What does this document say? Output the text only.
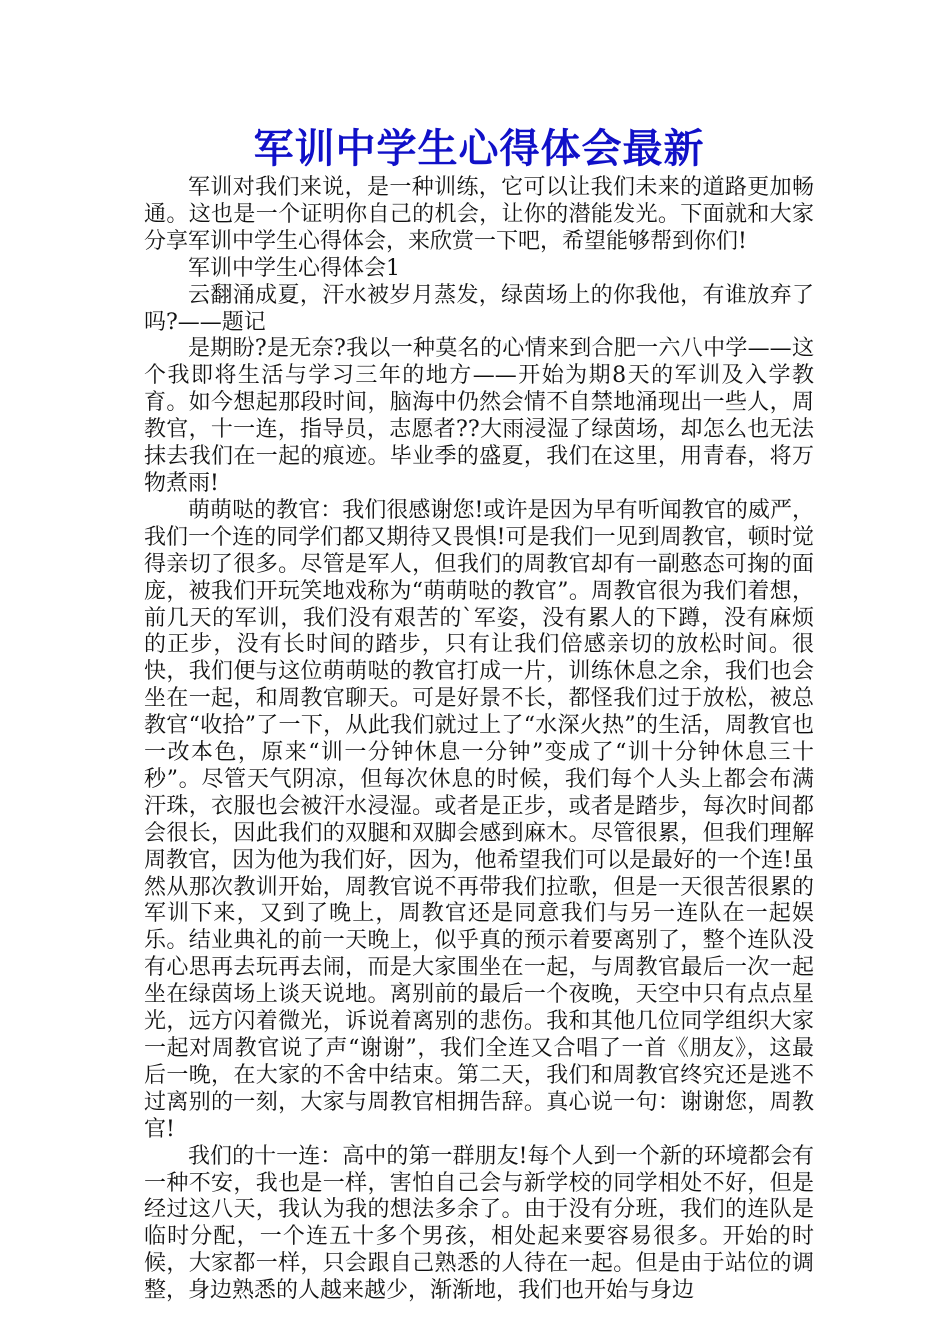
军训中学生心得体会最新

军训对我们来说，是一种训练，它可以让我们未来的道路更加畅通。这也是一个证明你自己的机会，让你的潜能发光。下面就和大家分享军训中学生心得体会，来欣赏一下吧，希望能够帮到你们!

军训中学生心得体会1

云翻涌成夏，汗水被岁月蒸发，绿茵场上的你我他，有谁放弃了吗?——题记

是期盼?是无奈?我以一种莫名的心情来到合肥一六八中学——这个我即将生活与学习三年的地方——开始为期8天的军训及入学教育。如今想起那段时间，脑海中仍然会情不自禁地涌现出一些人，周教官，十一连，指导员，志愿者??大雨浸湿了绿茵场，却怎么也无法抹去我们在一起的痕迹。毕业季的盛夏，我们在这里，用青春，将万物煮雨!

萌萌哒的教官：我们很感谢您!或许是因为早有听闻教官的威严，我们一个连的同学们都又期待又畏惧!可是我们一见到周教官，顿时觉得亲切了很多。尽管是军人，但我们的周教官却有一副憨态可掬的面庞，被我们开玩笑地戏称为“萌萌哒的教官”。周教官很为我们着想，前几天的军训，我们没有艰苦的`军姿，没有累人的下蹲，没有麻烦的正步，没有长时间的踏步，只有让我们倍感亲切的放松时间。很快，我们便与这位萌萌哒的教官打成一片，训练休息之余，我们也会坐在一起，和周教官聊天。可是好景不长，都怪我们过于放松，被总教官“收拾”了一下，从此我们就过上了“水深火热”的生活，周教官也一改本色，原来“训一分钟休息一分钟”变成了“训十分钟休息三十秒”。尽管天气阴凉，但每次休息的时候，我们每个人头上都会布满汗珠，衣服也会被汗水浸湿。或者是正步，或者是踏步，每次时间都会很长，因此我们的双腿和双脚会感到麻木。尽管很累，但我们理解周教官，因为他为我们好，因为，他希望我们可以是最好的一个连!虽然从那次教训开始，周教官说不再带我们拉歌，但是一天很苦很累的军训下来，又到了晚上，周教官还是同意我们与另一连队在一起娱乐。结业典礼的前一天晚上，似乎真的预示着要离别了，整个连队没有心思再去玩再去闹，而是大家围坐在一起，与周教官最后一次一起坐在绿茵场上谈天说地。离别前的最后一个夜晚，天空中只有点点星光，远方闪着微光，诉说着离别的悲伤。我和其他几位同学组织大家一起对周教官说了声“谢谢”，我们全连又合唱了一首《朋友》，这最后一晚，在大家的不舍中结束。第二天，我们和周教官终究还是逃不过离别的一刻，大家与周教官相拥告辞。真心说一句：谢谢您，周教官!

我们的十一连：高中的第一群朋友!每个人到一个新的环境都会有一种不安，我也是一样，害怕自己会与新学校的同学相处不好，但是经过这八天，我认为我的想法多余了。由于没有分班，我们的连队是临时分配，一个连五十多个男孩，相处起来要容易很多。开始的时候，大家都一样，只会跟自己熟悉的人待在一起。但是由于站位的调整，身边熟悉的人越来越少，渐渐地，我们也开始与身边
